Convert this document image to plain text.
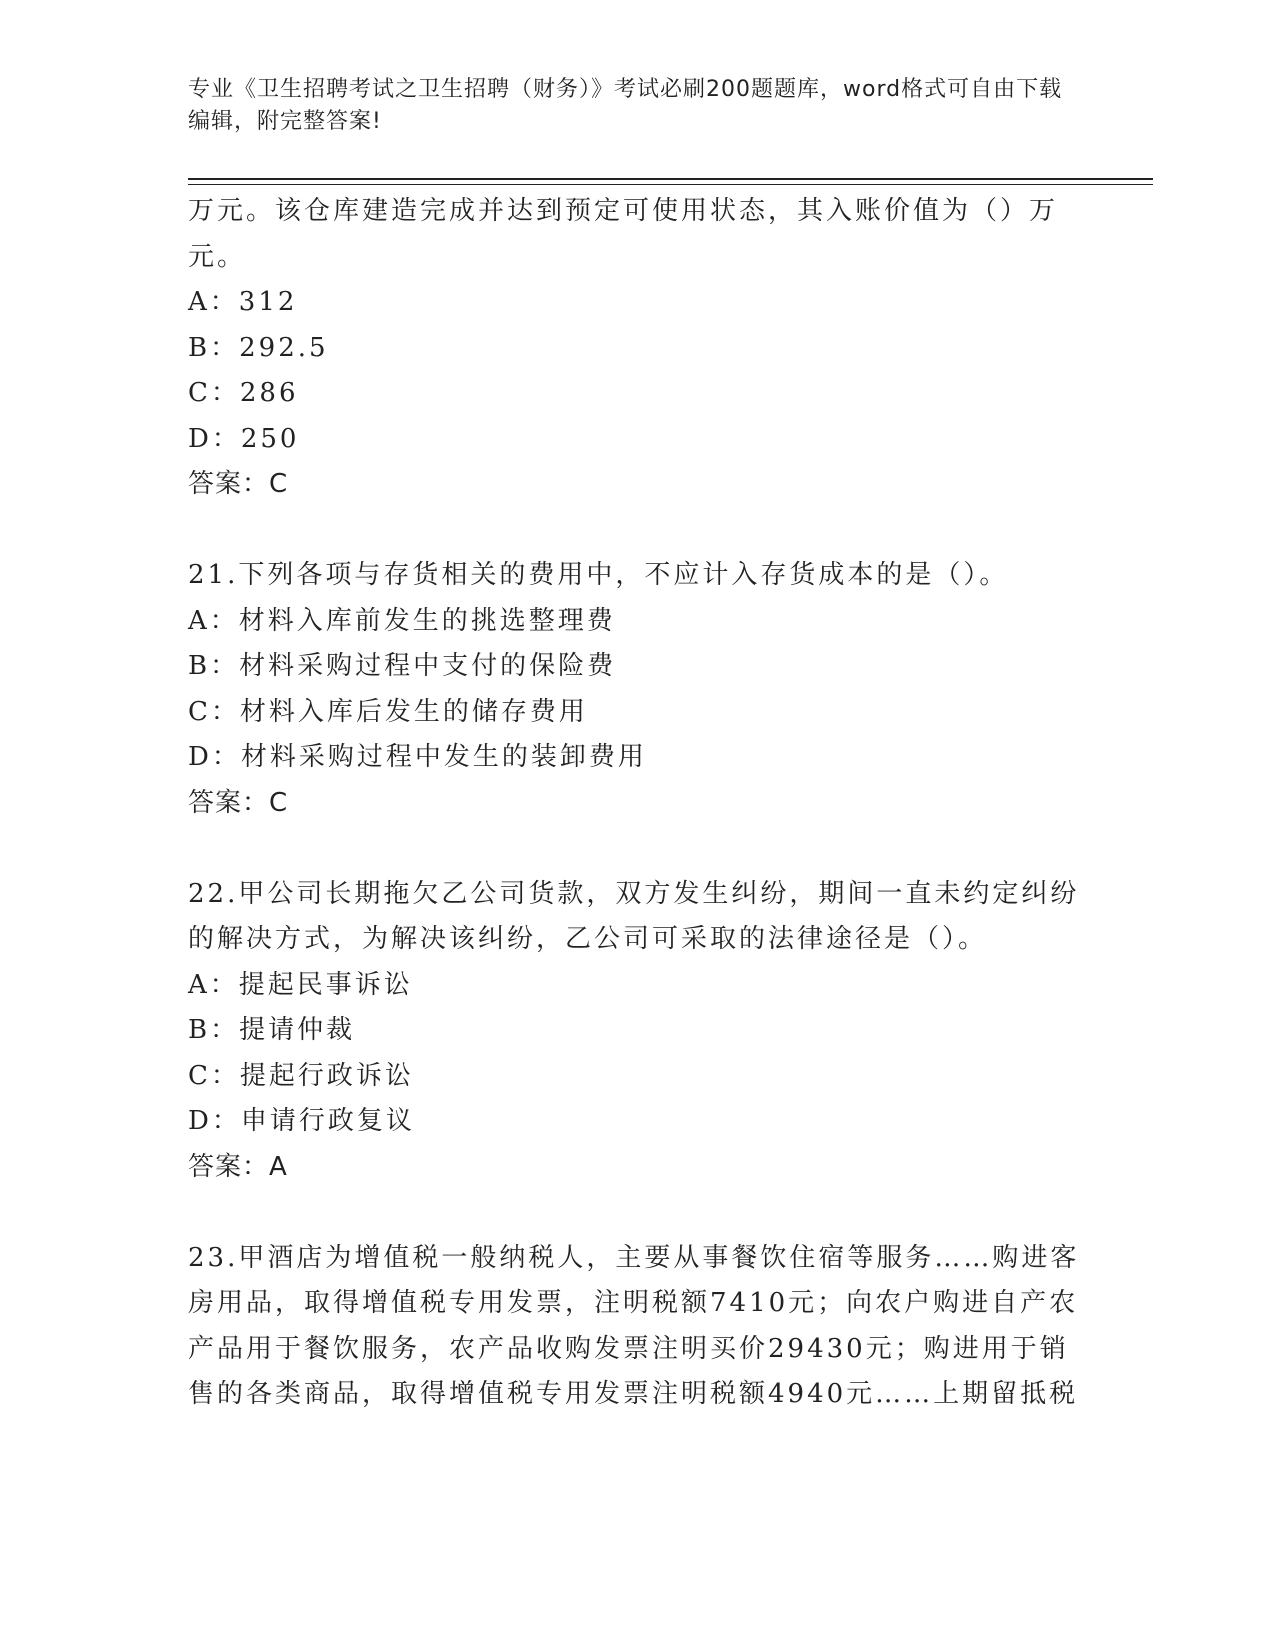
专业《卫生招聘考试之卫生招聘（财务）》考试必刷200题题库，word格式可自由下载编辑，附完整答案!
万元。该仓库建造完成并达到预定可使用状态，其入账价值为（）万
元。
A：312
B：292.5
C：286
D：250
答案：C
21.下列各项与存货相关的费用中，不应计入存货成本的是（）。
A：材料入库前发生的挑选整理费
B：材料采购过程中支付的保险费
C：材料入库后发生的储存费用
D：材料采购过程中发生的装卸费用
答案：C
22.甲公司长期拖欠乙公司货款，双方发生纠纷，期间一直未约定纠纷
的解决方式，为解决该纠纷，乙公司可采取的法律途径是（）。
A：提起民事诉讼
B：提请仲裁
C：提起行政诉讼
D：申请行政复议
答案：A
23.甲酒店为增值税一般纳税人，主要从事餐饮住宿等服务……购进客
房用品，取得增值税专用发票，注明税额7410元；向农户购进自产农
产品用于餐饮服务，农产品收购发票注明买价29430元；购进用于销
售的各类商品，取得增值税专用发票注明税额4940元……上期留抵税
